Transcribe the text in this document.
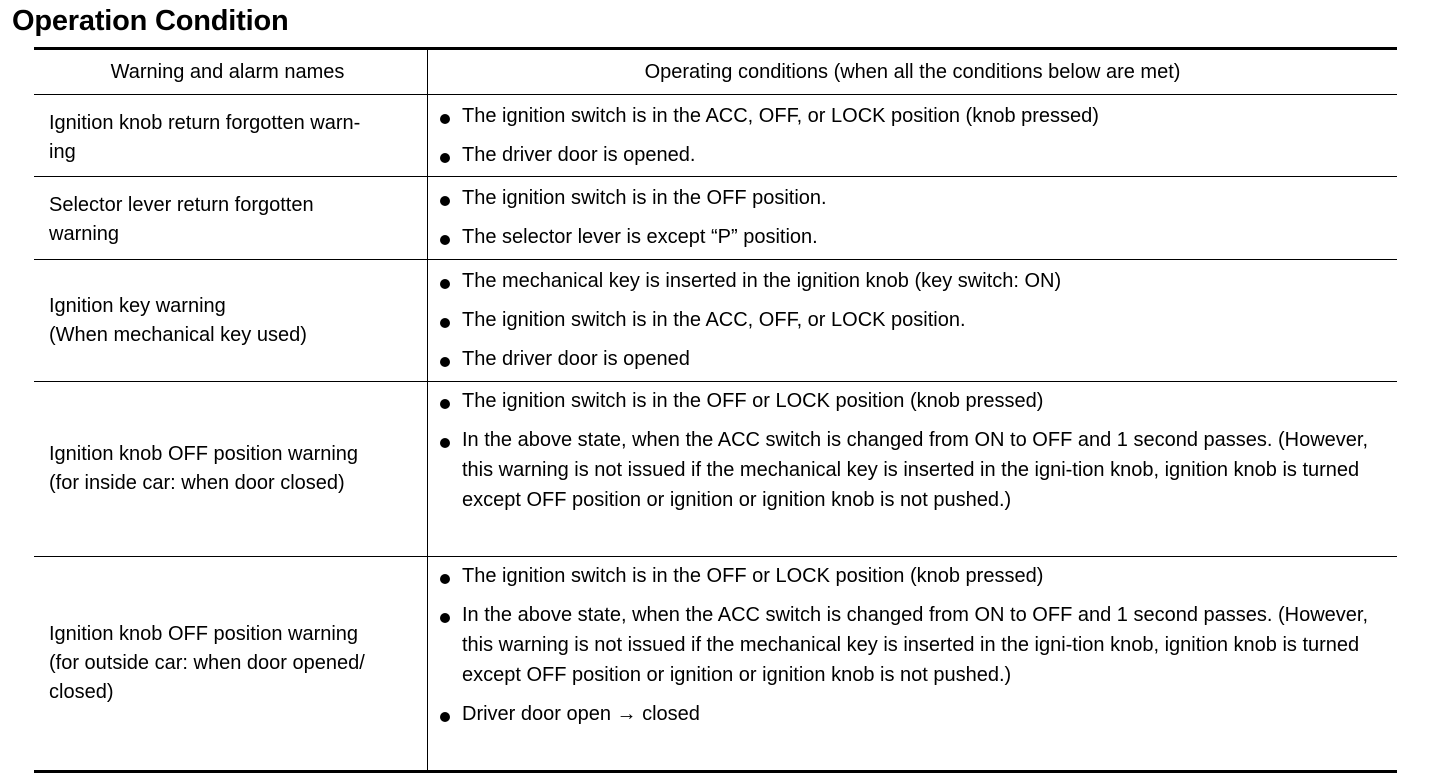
Operation Condition
Warning and alarm names	Operating conditions (when all the conditions below are met)
Ignition knob return forgotten warn-
ing
The ignition switch is in the ACC, OFF, or LOCK position (knob pressed)
The driver door is opened.
Selector lever return forgotten
warning
The ignition switch is in the OFF position.
The selector lever is except “P” position.
Ignition key warning
(When mechanical key used)
The mechanical key is inserted in the ignition knob (key switch: ON)
The ignition switch is in the ACC, OFF, or LOCK position.
The driver door is opened
Ignition knob OFF position warning
(for inside car: when door closed)
The ignition switch is in the OFF or LOCK position (knob pressed)
In the above state, when the ACC switch is changed from ON to OFF and 1 second passes. (However, this warning is not issued if the mechanical key is inserted in the igni-tion knob, ignition knob is turned except OFF position or ignition or ignition knob is not pushed.)
Ignition knob OFF position warning
(for outside car: when door opened/
closed)
The ignition switch is in the OFF or LOCK position (knob pressed)
In the above state, when the ACC switch is changed from ON to OFF and 1 second passes. (However, this warning is not issued if the mechanical key is inserted in the igni-tion knob, ignition knob is turned except OFF position or ignition or ignition knob is not pushed.)
Driver door open → closed
